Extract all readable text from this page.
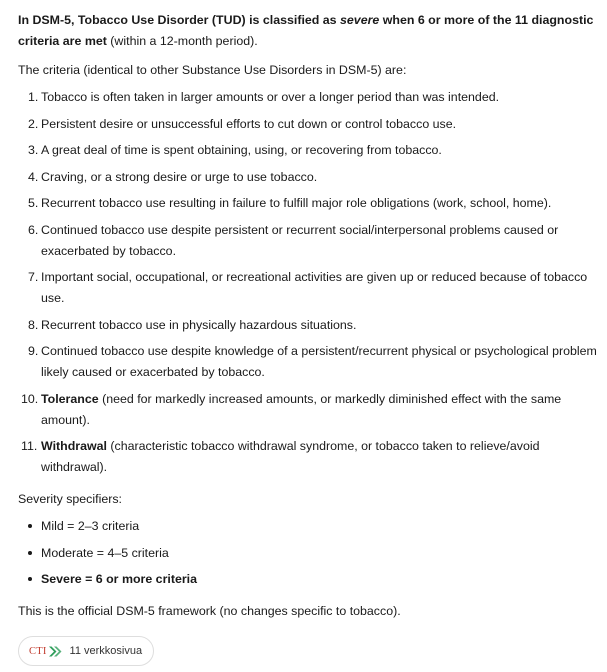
In DSM-5, Tobacco Use Disorder (TUD) is classified as severe when 6 or more of the 11 diagnostic criteria are met (within a 12-month period).

The criteria (identical to other Substance Use Disorders in DSM-5) are:

1. Tobacco is often taken in larger amounts or over a longer period than was intended.
2. Persistent desire or unsuccessful efforts to cut down or control tobacco use.
3. A great deal of time is spent obtaining, using, or recovering from tobacco.
4. Craving, or a strong desire or urge to use tobacco.
5. Recurrent tobacco use resulting in failure to fulfill major role obligations (work, school, home).
6. Continued tobacco use despite persistent or recurrent social/interpersonal problems caused or exacerbated by tobacco.
7. Important social, occupational, or recreational activities are given up or reduced because of tobacco use.
8. Recurrent tobacco use in physically hazardous situations.
9. Continued tobacco use despite knowledge of a persistent/recurrent physical or psychological problem likely caused or exacerbated by tobacco.
10. Tolerance (need for markedly increased amounts, or markedly diminished effect with the same amount).
11. Withdrawal (characteristic tobacco withdrawal syndrome, or tobacco taken to relieve/avoid withdrawal).

Severity specifiers:

Mild = 2–3 criteria
Moderate = 4–5 criteria
Severe = 6 or more criteria

This is the official DSM-5 framework (no changes specific to tobacco).

CTI 11 verkkosivua
